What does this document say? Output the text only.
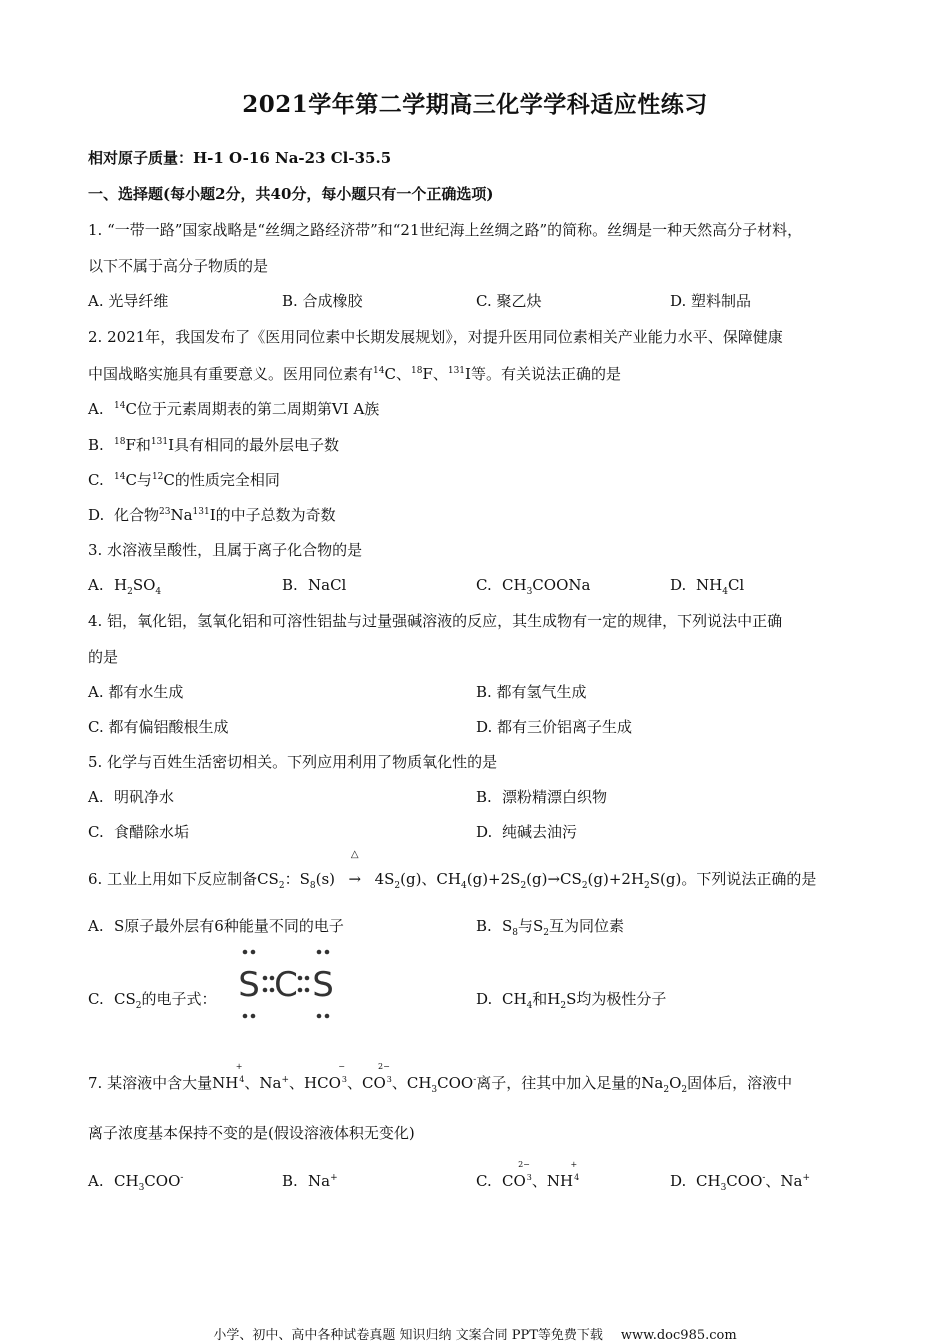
2021学年第二学期高三化学学科适应性练习
相对原子质量：H-1 O-16 Na-23 Cl-35.5
一、选择题(每小题2分，共40分，每小题只有一个正确选项)
1. “一带一路”国家战略是“丝绸之路经济带”和“21世纪海上丝绸之路”的简称。丝绸是一种天然高分子材料，
以下不属于高分子物质的是
A. 光导纤维	B. 合成橡胶	C. 聚乙炔	D. 塑料制品
2. 2021年，我国发布了《医用同位素中长期发展规划》，对提升医用同位素相关产业能力水平、保障健康
中国战略实施具有重要意义。医用同位素有$^{14}$C、$^{18}$F、$^{131}$I等。有关说法正确的是
A. $^{14}$C位于元素周期表的第二周期第VI A族
B. $^{18}$F和$^{131}$I具有相同的最外层电子数
C. $^{14}$C与$^{12}$C的性质完全相同
D. 化合物$^{23}$Na$^{131}$I的中子总数为奇数
3. 水溶液呈酸性，且属于离子化合物的是
A. $H_2SO_4$	B. NaCl	C. $CH_3COONa$	D. $NH_4Cl$
4. 铝，氧化铝，氢氧化铝和可溶性铝盐与过量强碱溶液的反应，其生成物有一定的规律，下列说法中正确
的是
A. 都有水生成	B. 都有氢气生成
C. 都有偏铝酸根生成	D. 都有三价铝离子生成
5. 化学与百姓生活密切相关。下列应用利用了物质氧化性的是
A. 明矾净水	B. 漂粉精漂白织物
C. 食醋除水垢	D. 纯碱去油污
6. 工业上用如下反应制备$CS_2$：$S_8(s)$
△
→ $4S_2(g)$、$CH_4(g)+2S_2(g)\to CS_2(g)+2H_2S(g)$。下列说法正确的是
A. S原子最外层有6种能量不同的电子	B. $S_8$与$S_2$互为同位素
C. $CS_2$的电子式： S C S	D. $CH_4$和$H_2S$均为极性分子
7. 某溶液中含大量NH
+
$^4$、Na+、HCO
−
$^3$、CO
2−
$^3$、$CH_3COO^-$离子，往其中加入足量的$Na_2O_2$固体后，溶液中
离子浓度基本保持不变的是(假设溶液体积无变化)
A. $CH_3COO^-$	B. Na+	C. CO
2−
$^3$、NH
+
$^4$	D. $CH_3COO^-$、Na+
小学、初中、高中各种试卷真题 知识归纳 文案合同 PPT等免费下载 www.doc985.com
